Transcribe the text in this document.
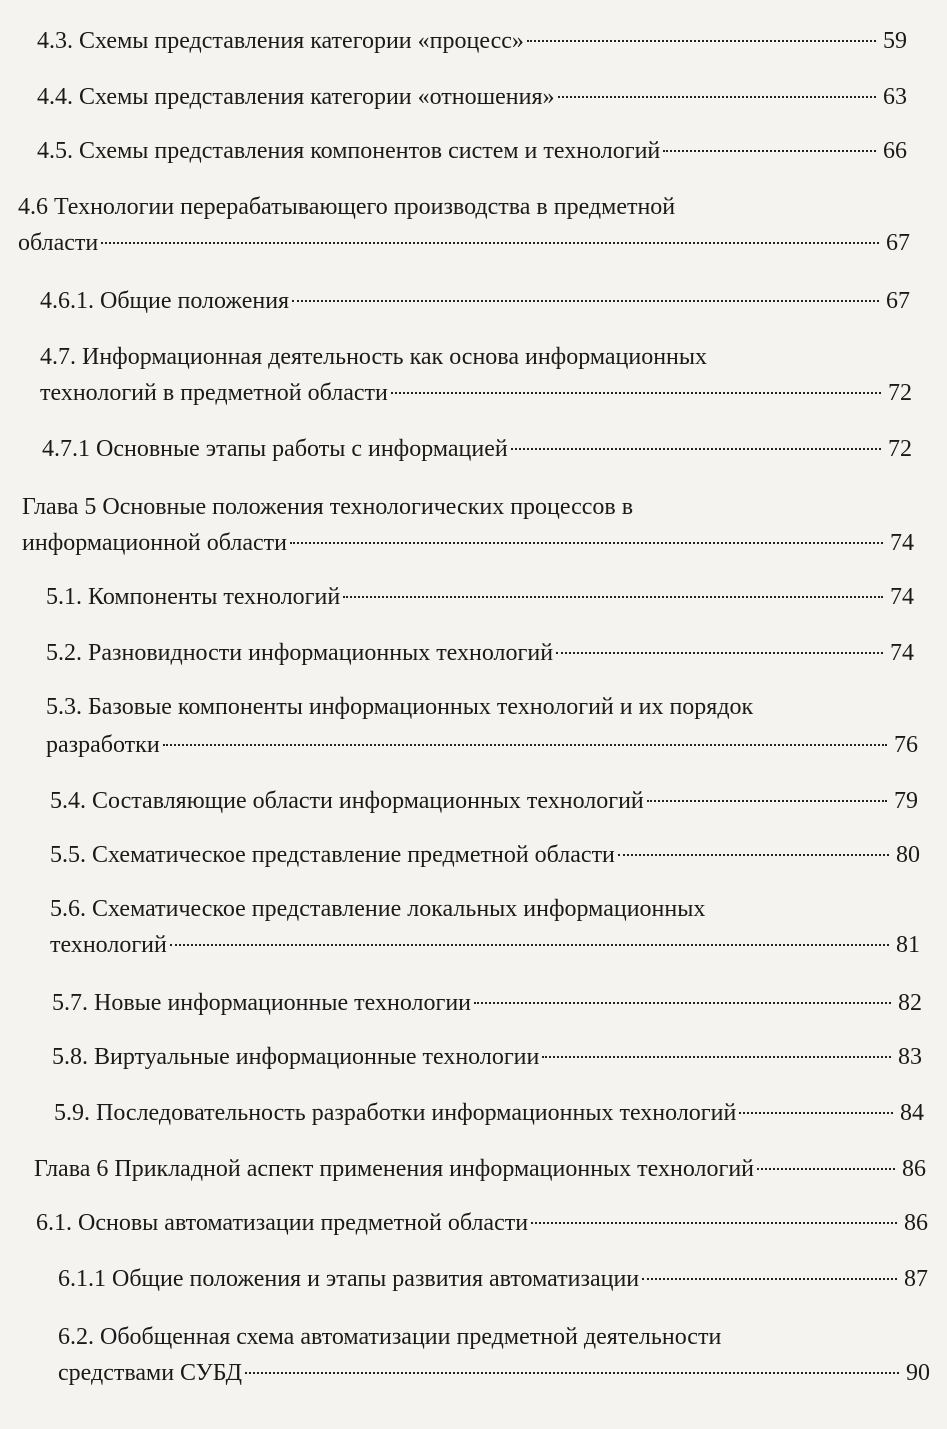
4.3. Схемы представления категории «процесс»	59
4.4. Схемы представления категории «отношения»	63
4.5. Схемы представления компонентов систем и технологий	66
4.6 Технологии перерабатывающего производства в предметной
области	67
4.6.1. Общие положения	67
4.7. Информационная деятельность как основа информационных
технологий в предметной области	72
4.7.1 Основные этапы работы с информацией	72
Глава 5 Основные положения технологических процессов в
информационной области	74
5.1. Компоненты технологий	74
5.2. Разновидности информационных технологий	74
5.3. Базовые компоненты информационных технологий и их порядок
разработки	76
5.4. Составляющие области информационных технологий	79
5.5. Схематическое представление предметной области	80
5.6. Схематическое представление локальных информационных
технологий	81
5.7. Новые информационные технологии	82
5.8. Виртуальные информационные технологии	83
5.9. Последовательность разработки информационных технологий	84
Глава 6 Прикладной аспект применения информационных технологий	86
6.1. Основы автоматизации предметной области	86
6.1.1 Общие положения и этапы развития автоматизации	87
6.2. Обобщенная схема автоматизации предметной деятельности
средствами СУБД	90
